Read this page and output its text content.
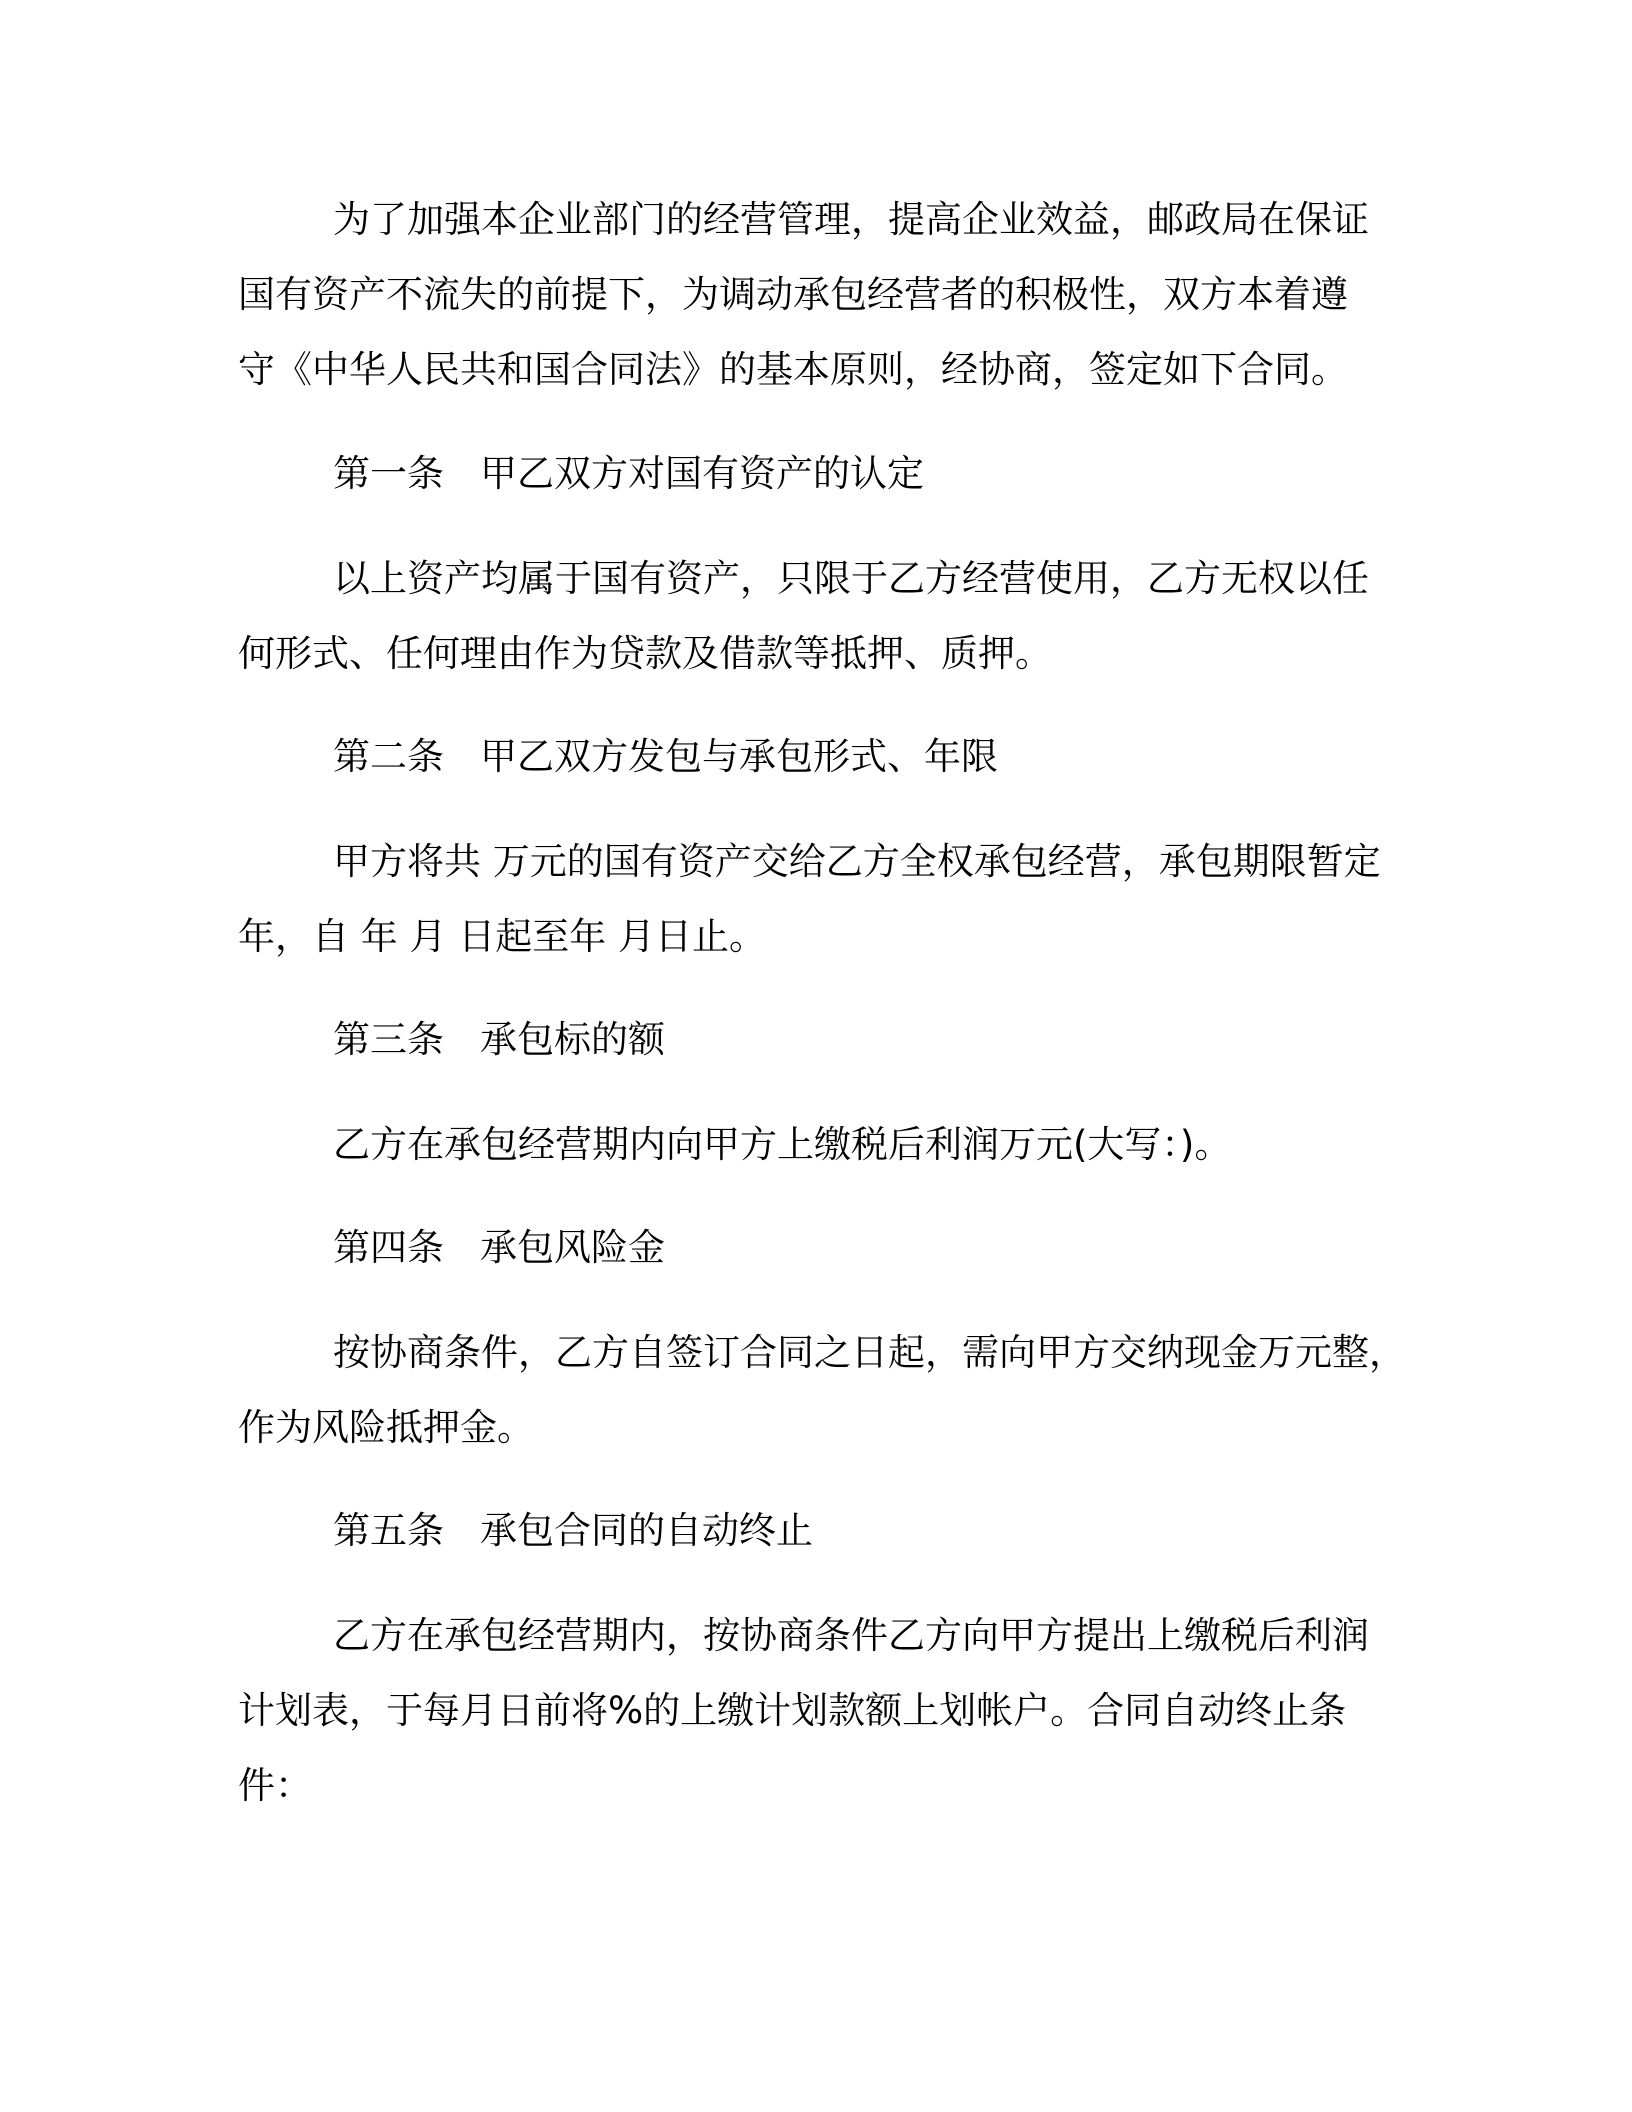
为了加强本企业部门的经营管理，提高企业效益，邮政局在保证
国有资产不流失的前提下，为调动承包经营者的积极性，双方本着遵
守《中华人民共和国合同法》的基本原则，经协商，签定如下合同。
第一条 甲乙双方对国有资产的认定
以上资产均属于国有资产，只限于乙方经营使用，乙方无权以任
何形式、任何理由作为贷款及借款等抵押、质押。
第二条 甲乙双方发包与承包形式、年限
甲方将共 万元的国有资产交给乙方全权承包经营，承包期限暂定
年，自 年 月 日起至年 月日止。
第三条 承包标的额
乙方在承包经营期内向甲方上缴税后利润万元(大写：)。
第四条 承包风险金
按协商条件，乙方自签订合同之日起，需向甲方交纳现金万元整，
作为风险抵押金。
第五条 承包合同的自动终止
乙方在承包经营期内，按协商条件乙方向甲方提出上缴税后利润
计划表，于每月日前将%的上缴计划款额上划帐户。合同自动终止条
件：
